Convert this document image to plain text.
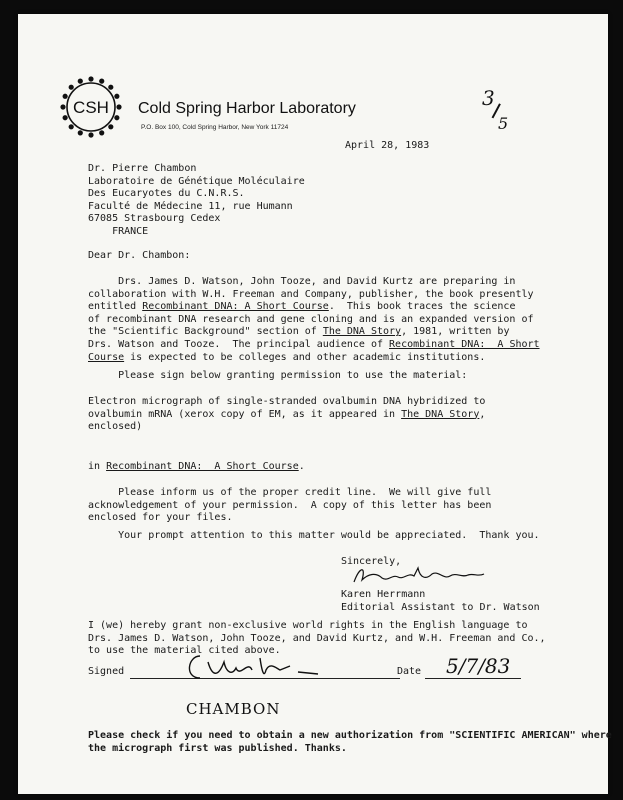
CSH Cold Spring Harbor Laboratory
P.O. Box 100, Cold Spring Harbor, New York 11724
3
5
April 28, 1983
Dr. Pierre Chambon
Laboratoire de Génétique Moléculaire
Des Eucaryotes du C.N.R.S.
Faculté de Médecine 11, rue Humann
67085 Strasbourg Cedex
FRANCE
Dear Dr. Chambon:
Drs. James D. Watson, John Tooze, and David Kurtz are preparing in
collaboration with W.H. Freeman and Company, publisher, the book presently
entitled Recombinant DNA: A Short Course.  This book traces the science
of recombinant DNA research and gene cloning and is an expanded version of
the "Scientific Background" section of The DNA Story, 1981, written by
Drs. Watson and Tooze.  The principal audience of Recombinant DNA:  A Short
Course is expected to be colleges and other academic institutions.
Please sign below granting permission to use the material:
Electron micrograph of single-stranded ovalbumin DNA hybridized to
ovalbumin mRNA (xerox copy of EM, as it appeared in The DNA Story,
enclosed)
in Recombinant DNA:  A Short Course.
Please inform us of the proper credit line.  We will give full
acknowledgement of your permission.  A copy of this letter has been
enclosed for your files.
Your prompt attention to this matter would be appreciated.  Thank you.
Sincerely,
Karen Herrmann
Editorial Assistant to Dr. Watson
I (we) hereby grant non-exclusive world rights in the English language to
Drs. James D. Watson, John Tooze, and David Kurtz, and W.H. Freeman and Co.,
to use the material cited above.
Signed	Date 5/7/83
CHAMBON
Please check if you need to obtain a new authorization from "SCIENTIFIC AMERICAN" where
the micrograph first was published. Thanks.
